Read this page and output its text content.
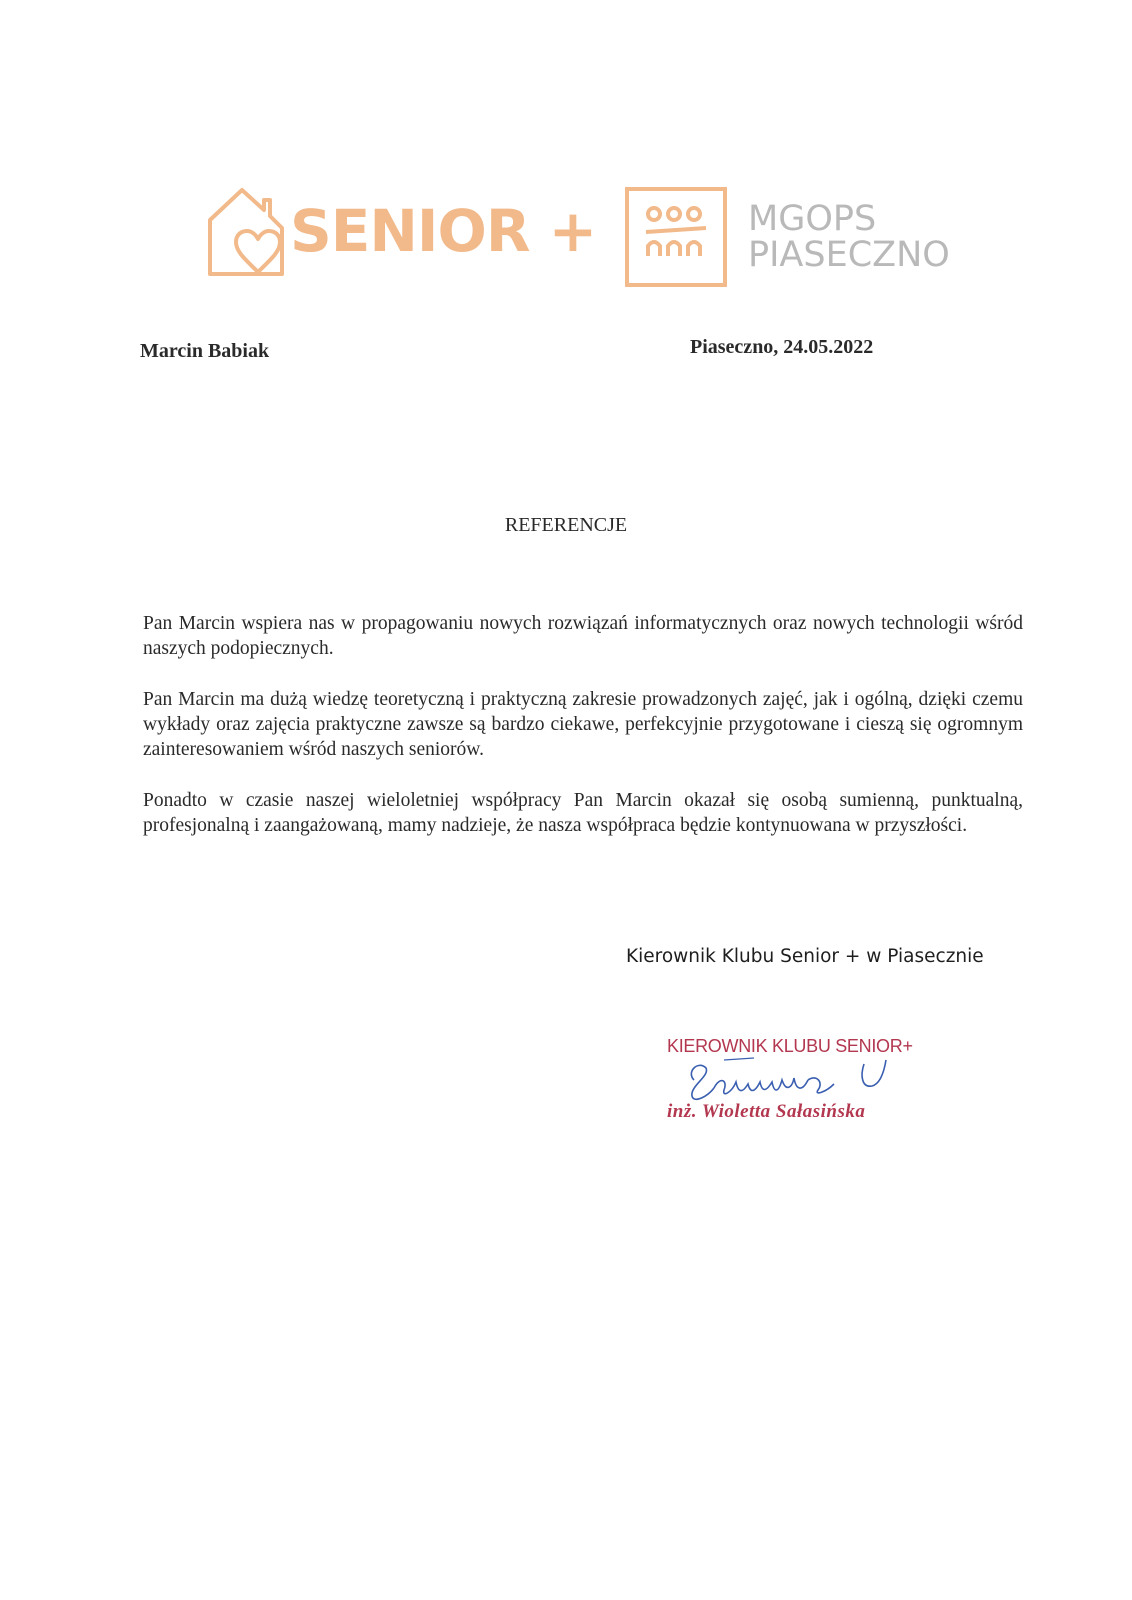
SENIOR +	MGOPS
PIASECZNO
Marcin Babiak	Piaseczno, 24.05.2022
REFERENCJE

Pan Marcin wspiera nas w propagowaniu nowych rozwiązań informatycznych oraz nowych technologii wśród naszych podopiecznych.

Pan Marcin ma dużą wiedzę teoretyczną i praktyczną zakresie prowadzonych zajęć, jak i ogólną, dzięki czemu wykłady oraz zajęcia praktyczne zawsze są bardzo ciekawe, perfekcyjnie przygotowane i cieszą się ogromnym zainteresowaniem wśród naszych seniorów.

Ponadto w czasie naszej wieloletniej współpracy Pan Marcin okazał się osobą sumienną, punktualną, profesjonalną i zaangażowaną, mamy nadzieje, że nasza współpraca będzie kontynuowana w przyszłości.

Kierownik Klubu Senior + w Piasecznie
KIEROWNIK KLUBU SENIOR+
inż. Wioletta Sałasińska
